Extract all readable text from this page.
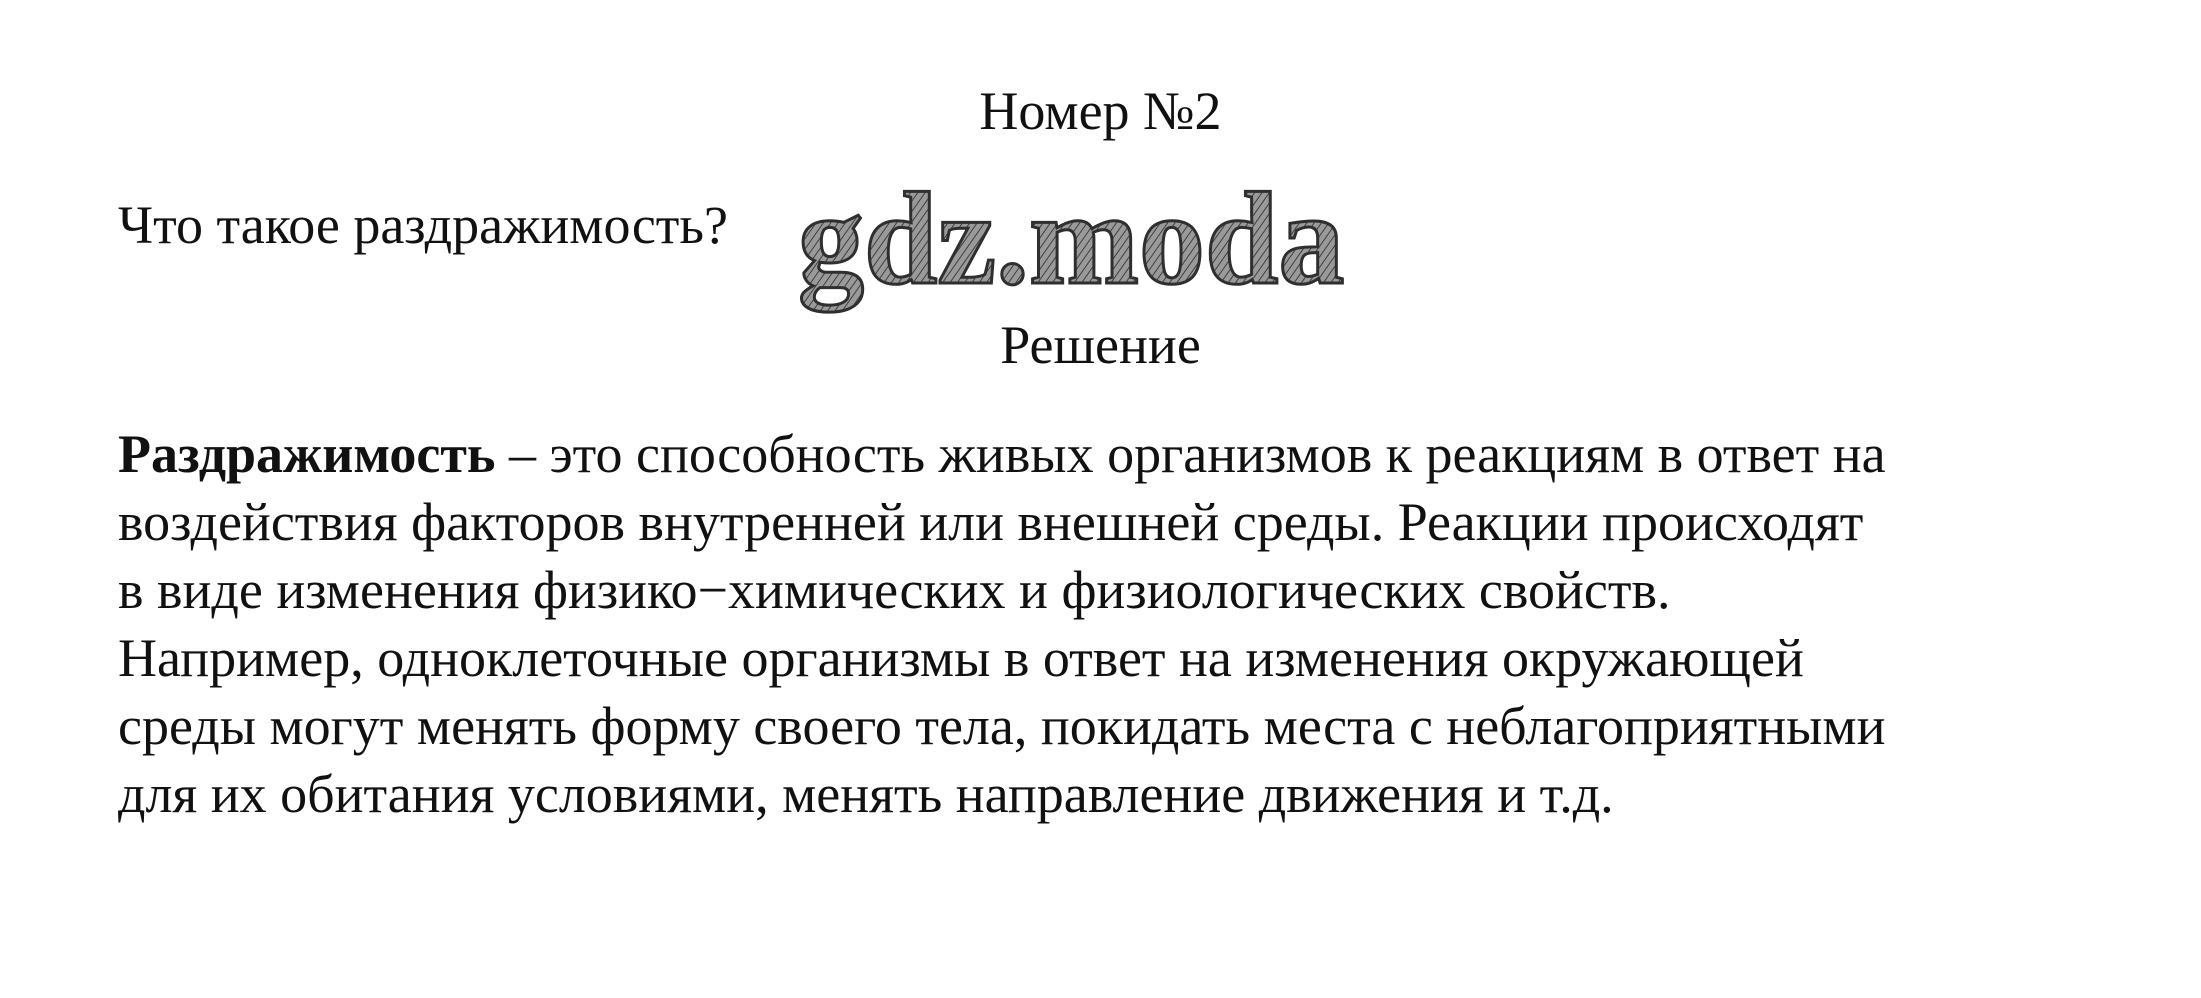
Номер №2

Что такое раздражимость? gdz.moda

Решение

Раздражимость – это способность живых организмов к реакциям в ответ на
воздействия факторов внутренней или внешней среды. Реакции происходят
в виде изменения физико−химических и физиологических свойств.
Например, одноклеточные организмы в ответ на изменения окружающей
среды могут менять форму своего тела, покидать места с неблагоприятными
для их обитания условиями, менять направление движения и т.д.
